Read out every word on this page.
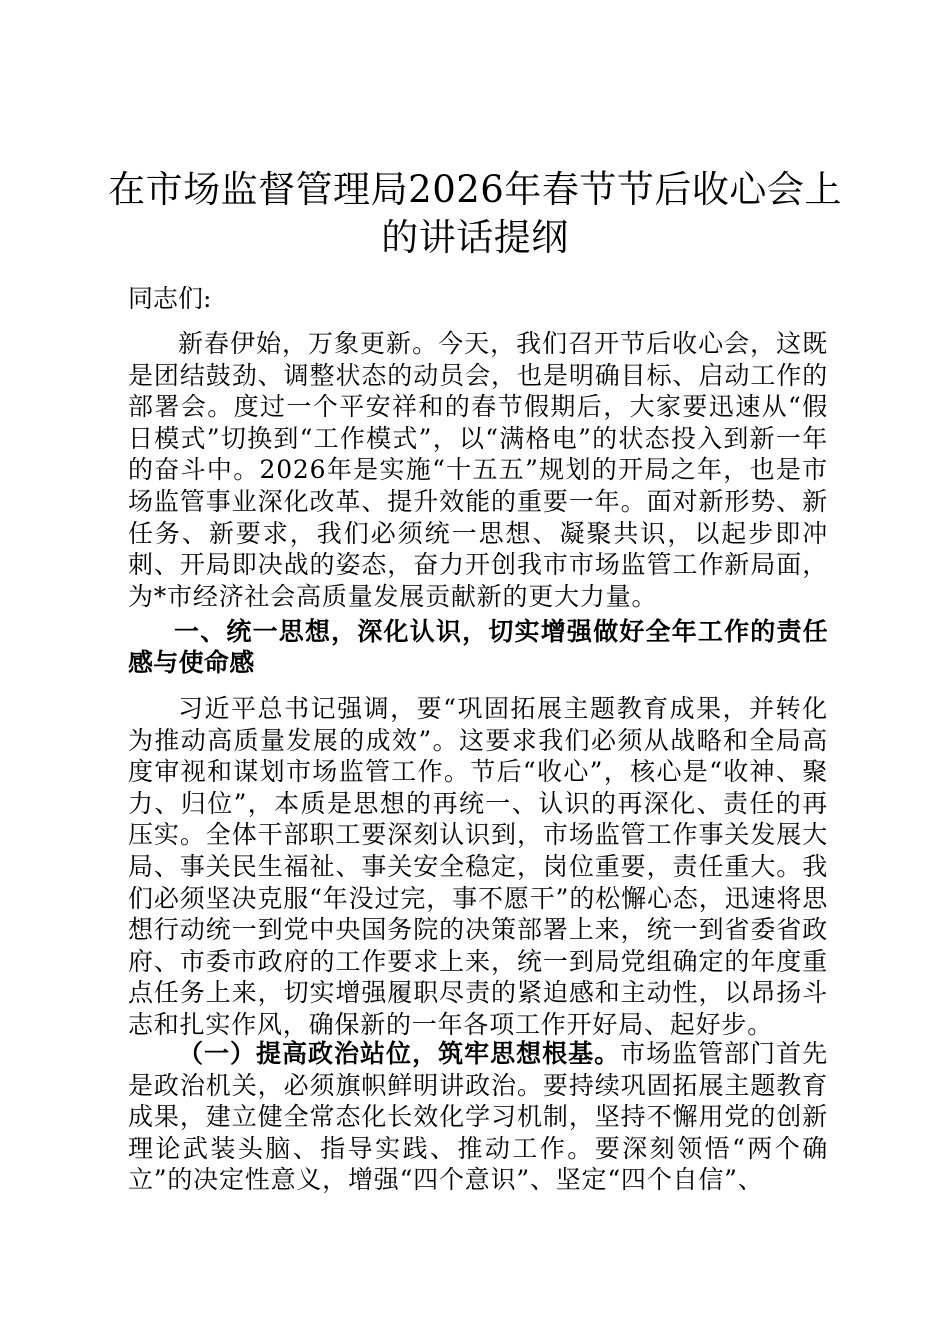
在市场监督管理局2026年春节节后收心会上
的讲话提纲

同志们:

新春伊始，万象更新。今天，我们召开节后收心会，这既是团结鼓劲、调整状态的动员会，也是明确目标、启动工作的部署会。度过一个平安祥和的春节假期后，大家要迅速从“假日模式”切换到“工作模式”，以“满格电”的状态投入到新一年的奋斗中。2026年是实施“十五五”规划的开局之年，也是市场监管事业深化改革、提升效能的重要一年。面对新形势、新任务、新要求，我们必须统一思想、凝聚共识，以起步即冲刺、开局即决战的姿态，奋力开创我市市场监管工作新局面，为*市经济社会高质量发展贡献新的更大力量。

一、统一思想，深化认识，切实增强做好全年工作的责任感与使命感

习近平总书记强调，要“巩固拓展主题教育成果，并转化为推动高质量发展的成效”。这要求我们必须从战略和全局高度审视和谋划市场监管工作。节后“收心”，核心是“收神、聚力、归位”，本质是思想的再统一、认识的再深化、责任的再压实。全体干部职工要深刻认识到，市场监管工作事关发展大局、事关民生福祉、事关安全稳定，岗位重要，责任重大。我们必须坚决克服“年没过完，事不愿干”的松懈心态，迅速将思想行动统一到党中央国务院的决策部署上来，统一到省委省政府、市委市政府的工作要求上来，统一到局党组确定的年度重点任务上来，切实增强履职尽责的紧迫感和主动性，以昂扬斗志和扎实作风，确保新的一年各项工作开好局、起好步。

（一）提高政治站位，筑牢思想根基。市场监管部门首先是政治机关，必须旗帜鲜明讲政治。要持续巩固拓展主题教育成果，建立健全常态化长效化学习机制，坚持不懈用党的创新理论武装头脑、指导实践、推动工作。要深刻领悟“两个确立”的决定性意义，增强“四个意识”、坚定“四个自信”、
